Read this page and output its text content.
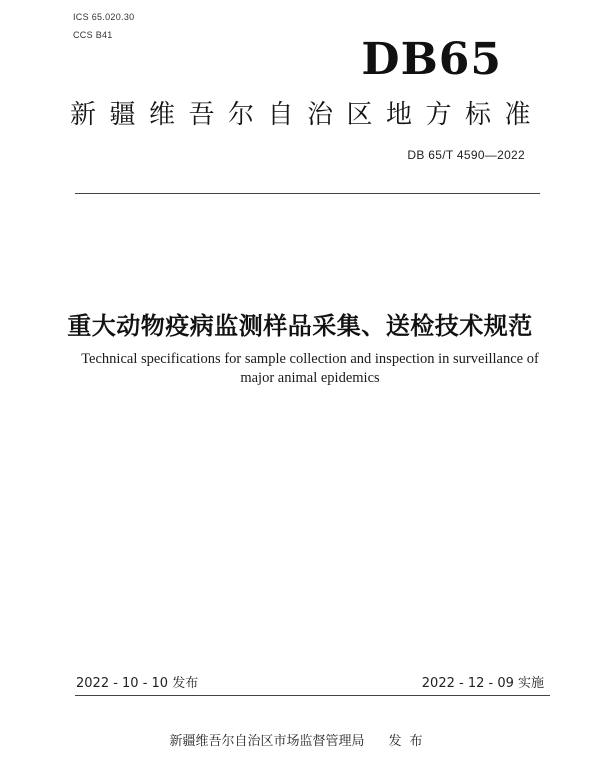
ICS 65.020.30
CCS B41	DB65
新疆维吾尔自治区地方标准
DB 65/T 4590—2022
重大动物疫病监测样品采集、送检技术规范
Technical specifications for sample collection and inspection in surveillance of major animal epidemics
2022 - 10 - 10 发布	2022 - 12 - 09 实施
新疆维吾尔自治区市场监督管理局 发布
